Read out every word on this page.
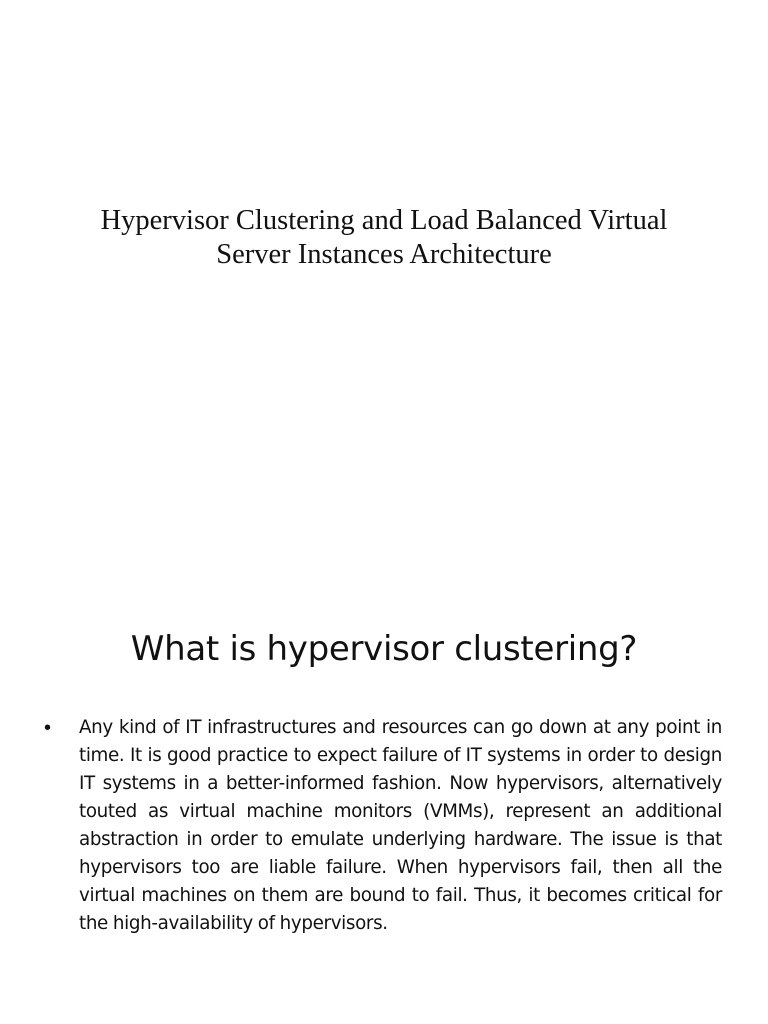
Hypervisor Clustering and Load Balanced Virtual
Server Instances Architecture
What is hypervisor clustering?
•	Any kind of IT infrastructures and resources can go down at any point in time. It is good practice to expect failure of IT systems in order to design IT systems in a better-informed fashion. Now hypervisors, alternatively touted as virtual machine monitors (VMMs), represent an additional abstraction in order to emulate underlying hardware. The issue is that hypervisors too are liable failure. When hypervisors fail, then all the virtual machines on them are bound to fail. Thus, it becomes critical for the high-availability of hypervisors.
